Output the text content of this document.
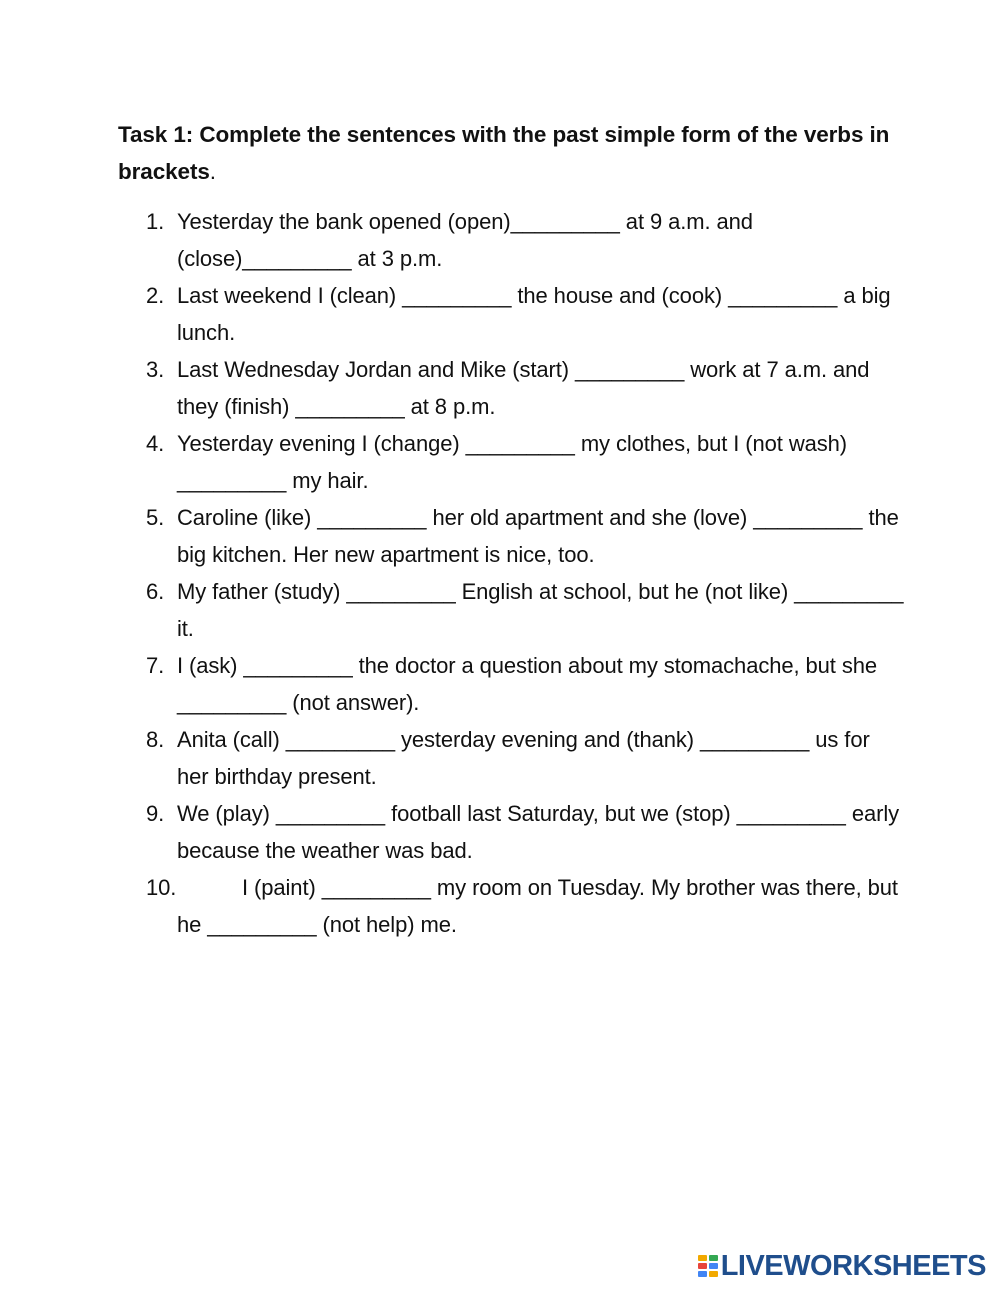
Task 1: Complete the sentences with the past simple form of the verbs in brackets.
1. Yesterday the bank opened (open)_________ at 9 a.m. and (close)_________ at 3 p.m.
2. Last weekend I (clean) _________ the house and (cook) _________ a big lunch.
3. Last Wednesday Jordan and Mike (start) _________ work at 7 a.m. and they (finish) _________ at 8 p.m.
4. Yesterday evening I (change) _________ my clothes, but I (not wash) _________ my hair.
5. Caroline (like) _________ her old apartment and she (love) _________ the big kitchen. Her new apartment is nice, too.
6. My father (study) _________ English at school, but he (not like) _________ it.
7. I (ask) _________ the doctor a question about my stomachache, but she _________ (not answer).
8. Anita (call) _________ yesterday evening and (thank) _________ us for her birthday present.
9. We (play) _________ football last Saturday, but we (stop) _________ early because the weather was bad.
10.	I (paint) _________ my room on Tuesday. My brother was there, but he _________ (not help) me.
LIVEWORKSHEETS
